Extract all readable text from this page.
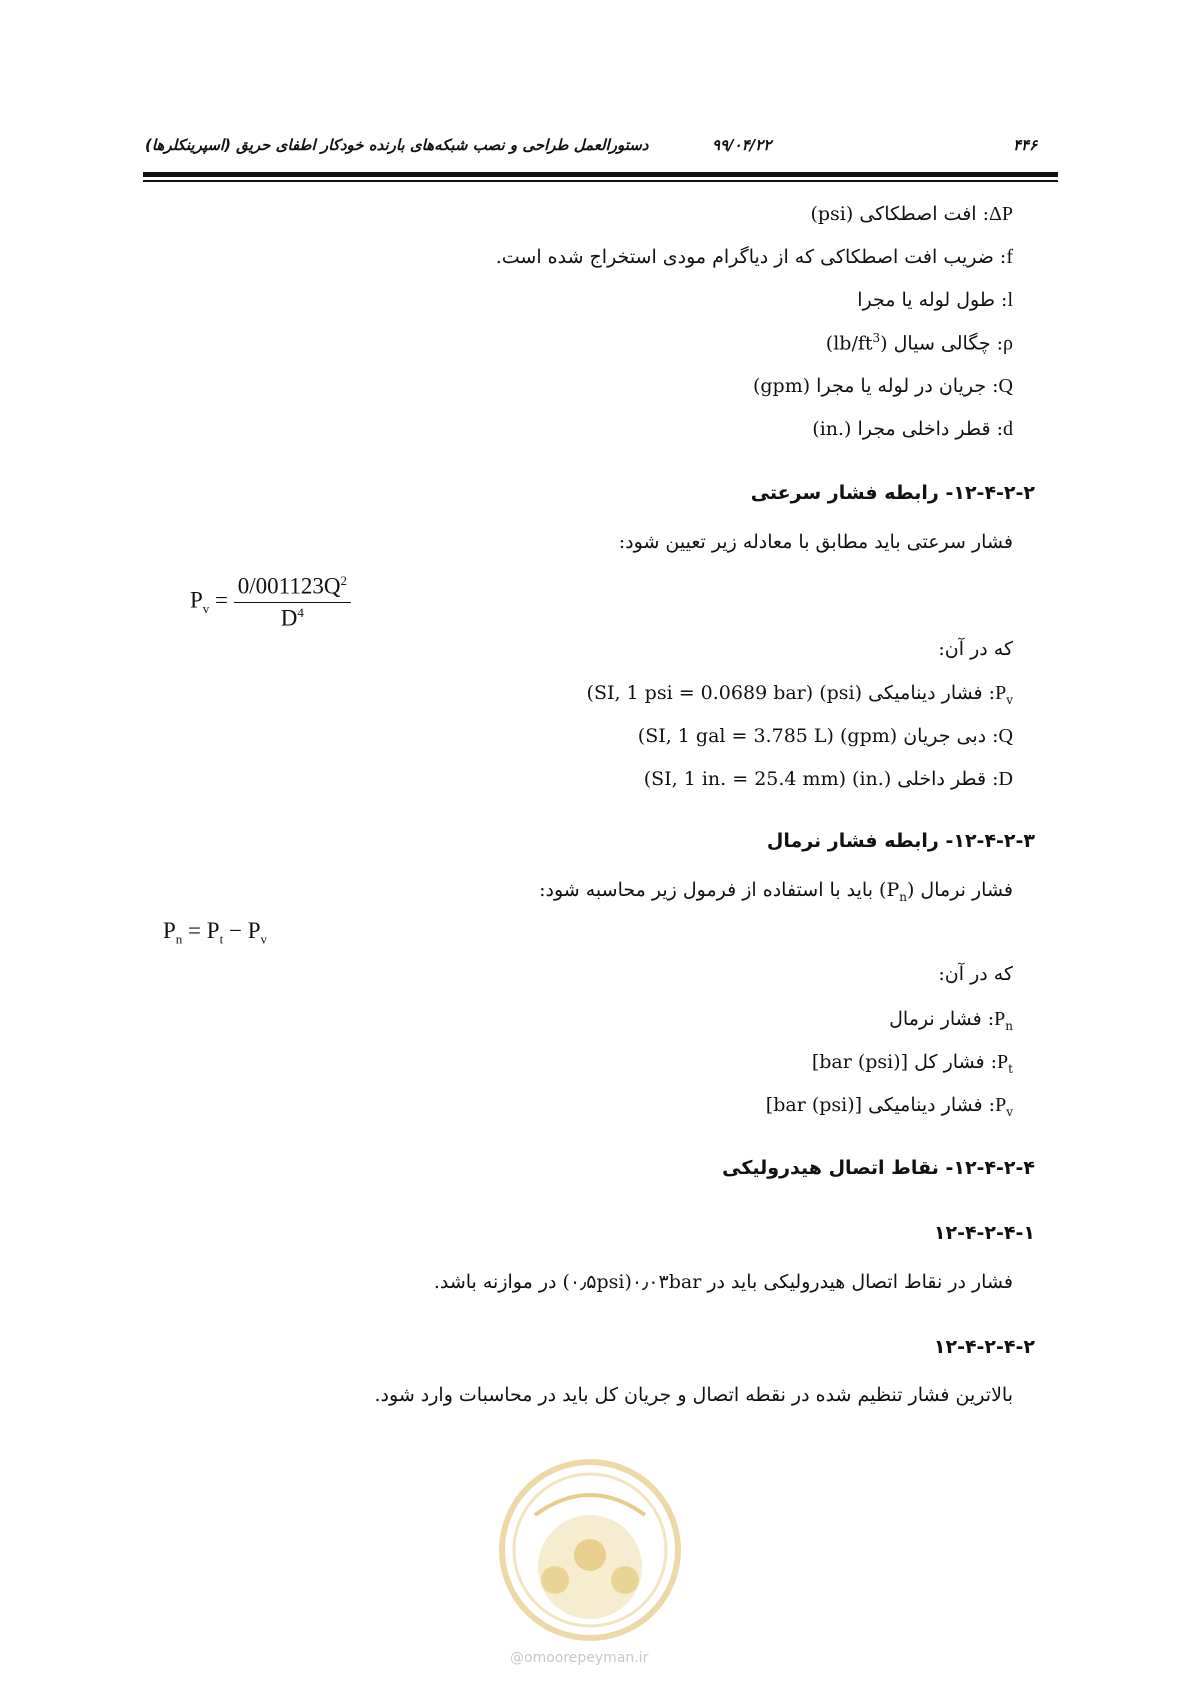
۴۴۶
۹۹/۰۴/۲۲
دستورالعمل طراحی و نصب شبکه‌های بارنده خودکار اطفای حریق (اسپرینکلرها)
ΔP: افت اصطکاکی (psi)
f: ضریب افت اصطکاکی که از دیاگرام مودی استخراج شده است.
l: طول لوله یا مجرا
ρ: چگالی سیال $(lb/ft^3)$
Q: جریان در لوله یا مجرا (gpm)
d: قطر داخلی مجرا (.in)
۱۲-۴-۲-۲- رابطه فشار سرعتی
فشار سرعتی باید مطابق با معادله زیر تعیین شود:
$P_v = \frac{0/001123Q^2}{D^4}$
که در آن:
$P_v$: فشار دینامیکی (psi) (SI, 1 psi = 0.0689 bar)
Q: دبی جریان (gpm) (SI, 1 gal = 3.785 L)
D: قطر داخلی (.in) (SI, 1 in. = 25.4 mm)
۱۲-۴-۲-۳- رابطه فشار نرمال
فشار نرمال $(P_n)$ باید با استفاده از فرمول زیر محاسبه شود:
$P_n = P_t - P_v$
که در آن:
$P_n$: فشار نرمال
$P_t$: فشار کل [bar (psi)]
$P_v$: فشار دینامیکی [bar (psi)]
۱۲-۴-۲-۴- نقاط اتصال هیدرولیکی
۱۲-۴-۲-۴-۱
فشار در نقاط اتصال هیدرولیکی باید در ۰٫۰۳bar(۰٫۵psi) در موازنه باشد.
۱۲-۴-۲-۴-۲
بالاترین فشار تنظیم شده در نقطه اتصال و جریان کل باید در محاسبات وارد شود.
@omoorepeyman.ir
